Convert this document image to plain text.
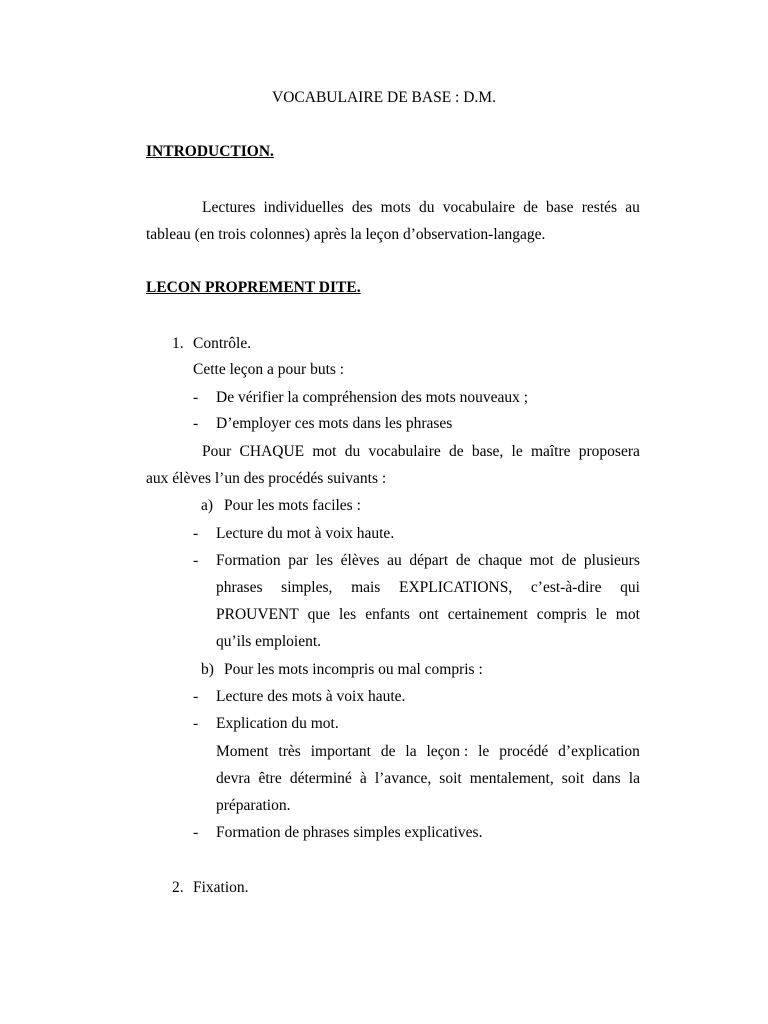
VOCABULAIRE DE BASE : D.M.
INTRODUCTION.
Lectures individuelles des mots du vocabulaire de base restés au
tableau (en trois colonnes) après la leçon d’observation-langage.
LECON PROPREMENT DITE.
1. Contrôle.
Cette leçon a pour buts :
- De vérifier la compréhension des mots nouveaux ;
- D’employer ces mots dans les phrases
Pour CHAQUE mot du vocabulaire de base, le maître proposera
aux élèves l’un des procédés suivants :
a) Pour les mots faciles :
- Lecture du mot à voix haute.
- Formation par les élèves au départ de chaque mot de plusieurs
phrases simples, mais EXPLICATIONS, c’est-à-dire qui
PROUVENT que les enfants ont certainement compris le mot
qu’ils emploient.
b) Pour les mots incompris ou mal compris :
- Lecture des mots à voix haute.
- Explication du mot.
Moment très important de la leçon : le procédé d’explication
devra être déterminé à l’avance, soit mentalement, soit dans la
préparation.
- Formation de phrases simples explicatives.
2. Fixation.
